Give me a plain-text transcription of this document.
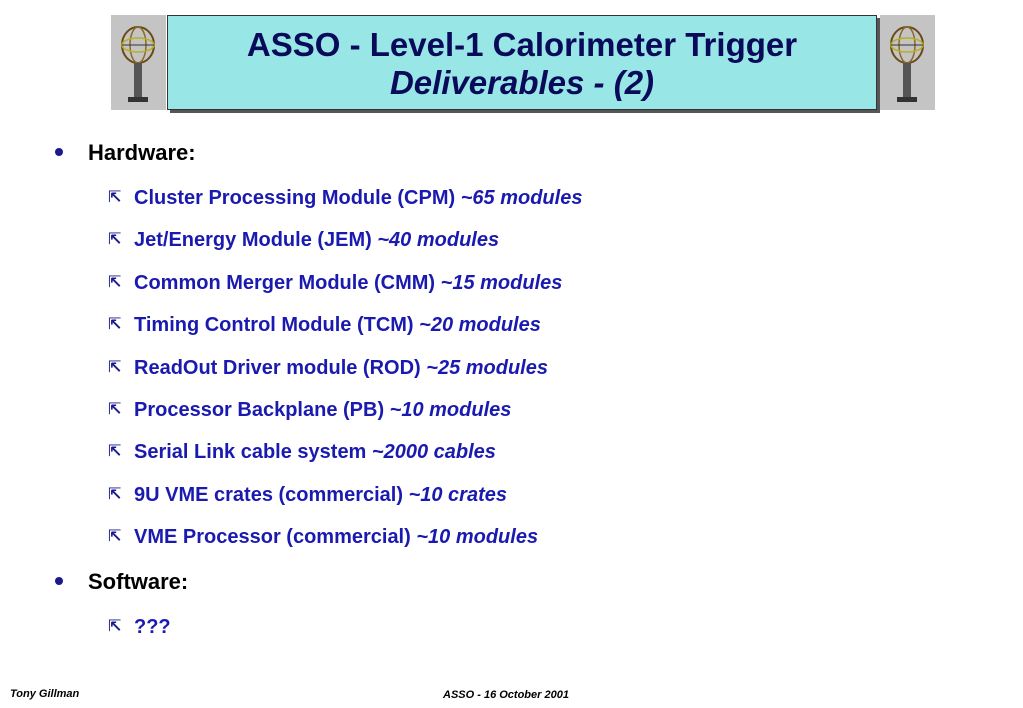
ASSO - Level-1 Calorimeter Trigger
Deliverables - (2)
Hardware:
⇱ Cluster Processing Module (CPM) ~65 modules
⇱ Jet/Energy Module (JEM) ~40 modules
⇱ Common Merger Module (CMM) ~15 modules
⇱ Timing Control Module (TCM) ~20 modules
⇱ ReadOut Driver module (ROD) ~25 modules
⇱ Processor Backplane (PB) ~10 modules
⇱ Serial Link cable system ~2000 cables
⇱ 9U VME crates (commercial) ~10 crates
⇱ VME Processor (commercial) ~10 modules
Software:
⇱ ???
Tony Gillman	ASSO - 16 October 2001
